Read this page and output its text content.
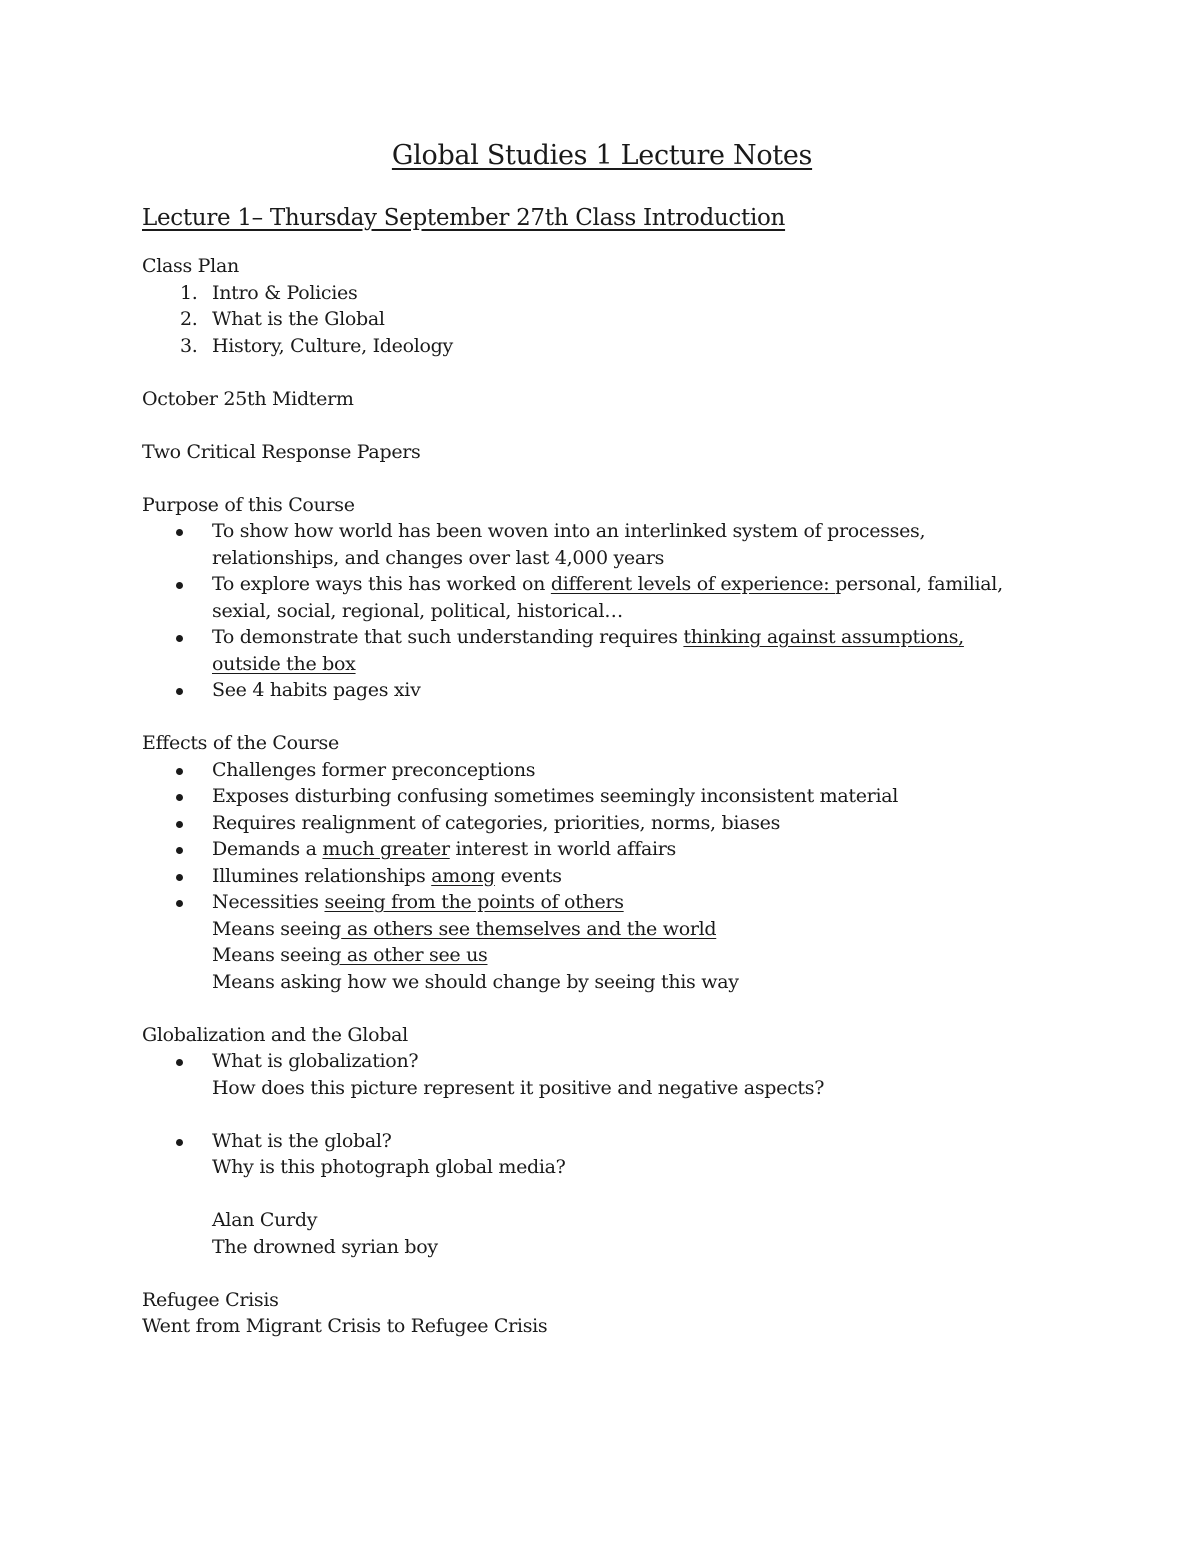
Global Studies 1 Lecture Notes
Lecture 1– Thursday September 27th Class Introduction
Class Plan
1. Intro & Policies
2. What is the Global
3. History, Culture, Ideology
October 25th Midterm
Two Critical Response Papers
Purpose of this Course
To show how world has been woven into an interlinked system of processes,
relationships, and changes over last 4,000 years
To explore ways this has worked on different levels of experience: personal, familial,
sexial, social, regional, political, historical…
To demonstrate that such understanding requires thinking against assumptions,
outside the box
See 4 habits pages xiv
Effects of the Course
Challenges former preconceptions
Exposes disturbing confusing sometimes seemingly inconsistent material
Requires realignment of categories, priorities, norms, biases
Demands a much greater interest in world affairs
Illumines relationships among events
Necessities seeing from the points of others
Means seeing as others see themselves and the world
Means seeing as other see us
Means asking how we should change by seeing this way
Globalization and the Global
What is globalization?
How does this picture represent it positive and negative aspects?
What is the global?
Why is this photograph global media?
Alan Curdy
The drowned syrian boy
Refugee Crisis
Went from Migrant Crisis to Refugee Crisis
